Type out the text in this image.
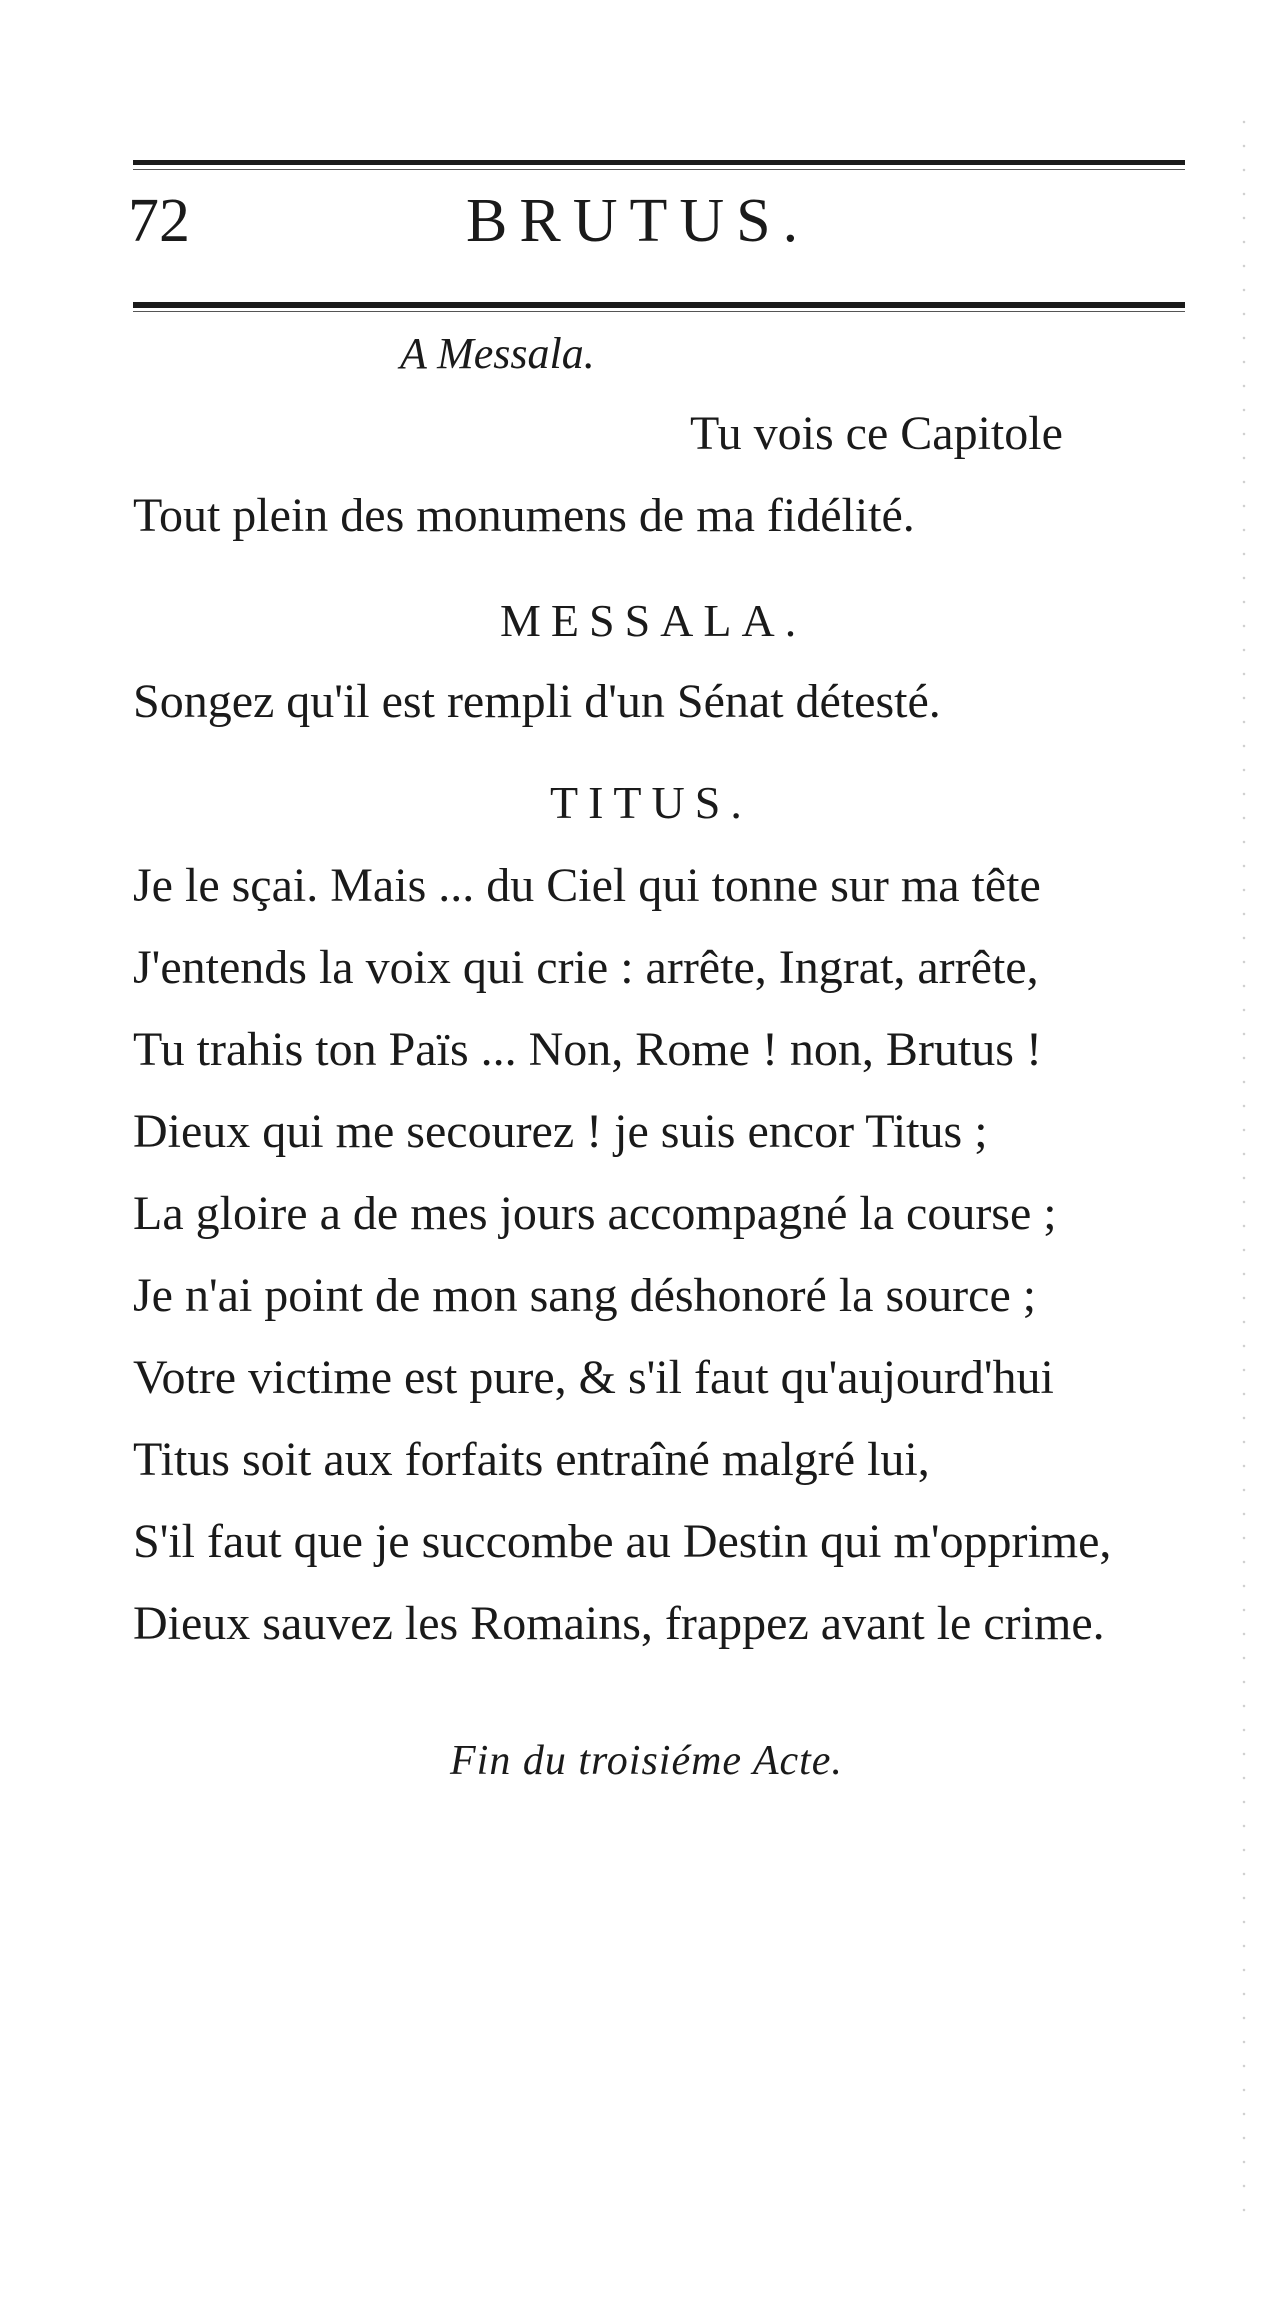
72	BRUTUS.
A Messala.
Tu vois ce Capitole
Tout plein des monumens de ma fidélité.
MESSALA.
Songez qu'il est rempli d'un Sénat détesté.
TITUS.
Je le sçai. Mais ... du Ciel qui tonne sur ma tête
J'entends la voix qui crie : arrête, Ingrat, arrête,
Tu trahis ton Païs ... Non, Rome ! non, Brutus !
Dieux qui me secourez ! je suis encor Titus ;
La gloire a de mes jours accompagné la course ;
Je n'ai point de mon sang déshonoré la source ;
Votre victime est pure, & s'il faut qu'aujourd'hui
Titus soit aux forfaits entraîné malgré lui,
S'il faut que je succombe au Destin qui m'opprime,
Dieux sauvez les Romains, frappez avant le crime.
Fin du troisiéme Acte.
